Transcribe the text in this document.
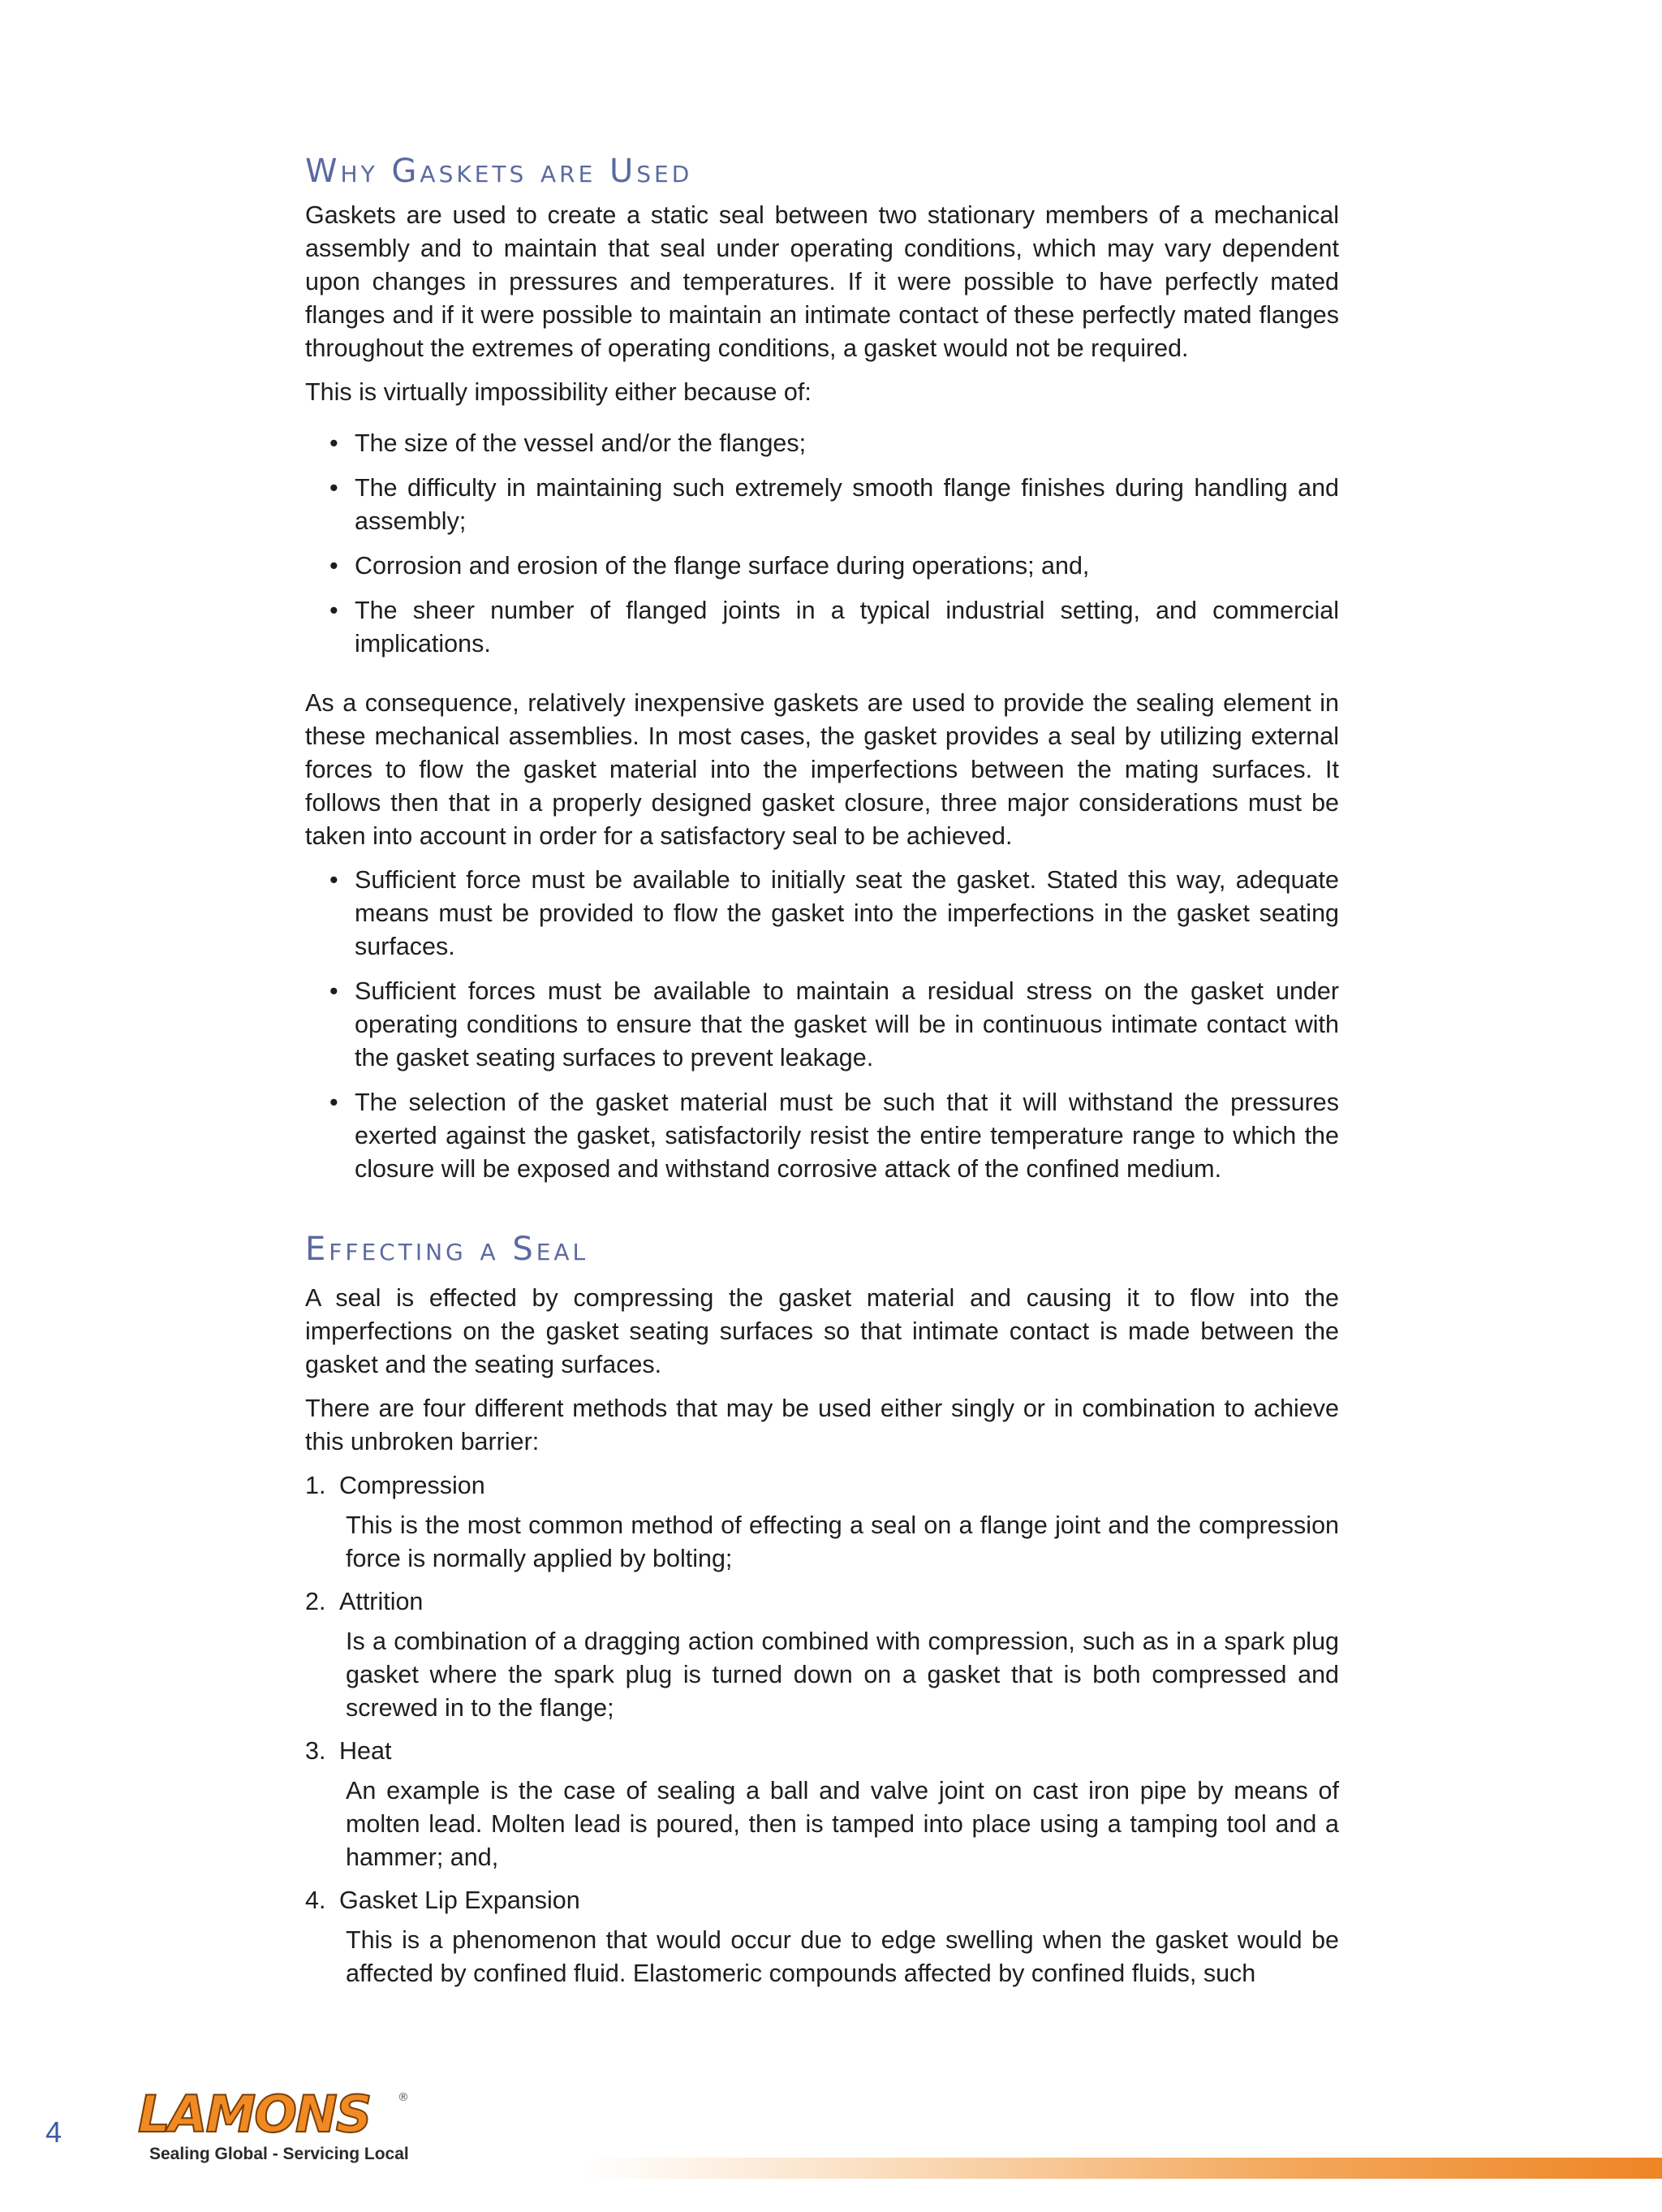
Why Gaskets are Used

Gaskets are used to create a static seal between two stationary members of a mechanical assembly and to maintain that seal under operating conditions, which may vary dependent upon changes in pressures and temperatures. If it were possible to have perfectly mated flanges and if it were possible to maintain an intimate contact of these perfectly mated flanges throughout the extremes of operating conditions, a gasket would not be required.

This is virtually impossibility either because of:

• The size of the vessel and/or the flanges;
• The difficulty in maintaining such extremely smooth flange finishes during handling and assembly;
• Corrosion and erosion of the flange surface during operations; and,
• The sheer number of flanged joints in a typical industrial setting, and commercial implications.

As a consequence, relatively inexpensive gaskets are used to provide the sealing element in these mechanical assemblies. In most cases, the gasket provides a seal by utilizing external forces to flow the gasket material into the imperfections between the mating surfaces. It follows then that in a properly designed gasket closure, three major considerations must be taken into account in order for a satisfactory seal to be achieved.

• Sufficient force must be available to initially seat the gasket. Stated this way, adequate means must be provided to flow the gasket into the imperfections in the gasket seating surfaces.
• Sufficient forces must be available to maintain a residual stress on the gasket under operating conditions to ensure that the gasket will be in continuous intimate contact with the gasket seating surfaces to prevent leakage.
• The selection of the gasket material must be such that it will withstand the pressures exerted against the gasket, satisfactorily resist the entire temperature range to which the closure will be exposed and withstand corrosive attack of the confined medium.
Effecting a Seal

A seal is effected by compressing the gasket material and causing it to flow into the imperfections on the gasket seating surfaces so that intimate contact is made between the gasket and the seating surfaces.

There are four different methods that may be used either singly or in combination to achieve this unbroken barrier:

1. Compression
This is the most common method of effecting a seal on a flange joint and the compression force is normally applied by bolting;
2. Attrition
Is a combination of a dragging action combined with compression, such as in a spark plug gasket where the spark plug is turned down on a gasket that is both compressed and screwed in to the flange;
3. Heat
An example is the case of sealing a ball and valve joint on cast iron pipe by means of molten lead. Molten lead is poured, then is tamped into place using a tamping tool and a hammer; and,
4. Gasket Lip Expansion
This is a phenomenon that would occur due to edge swelling when the gasket would be affected by confined fluid. Elastomeric compounds affected by confined fluids, such
4 LAMONS ®
Sealing Global - Servicing Local
